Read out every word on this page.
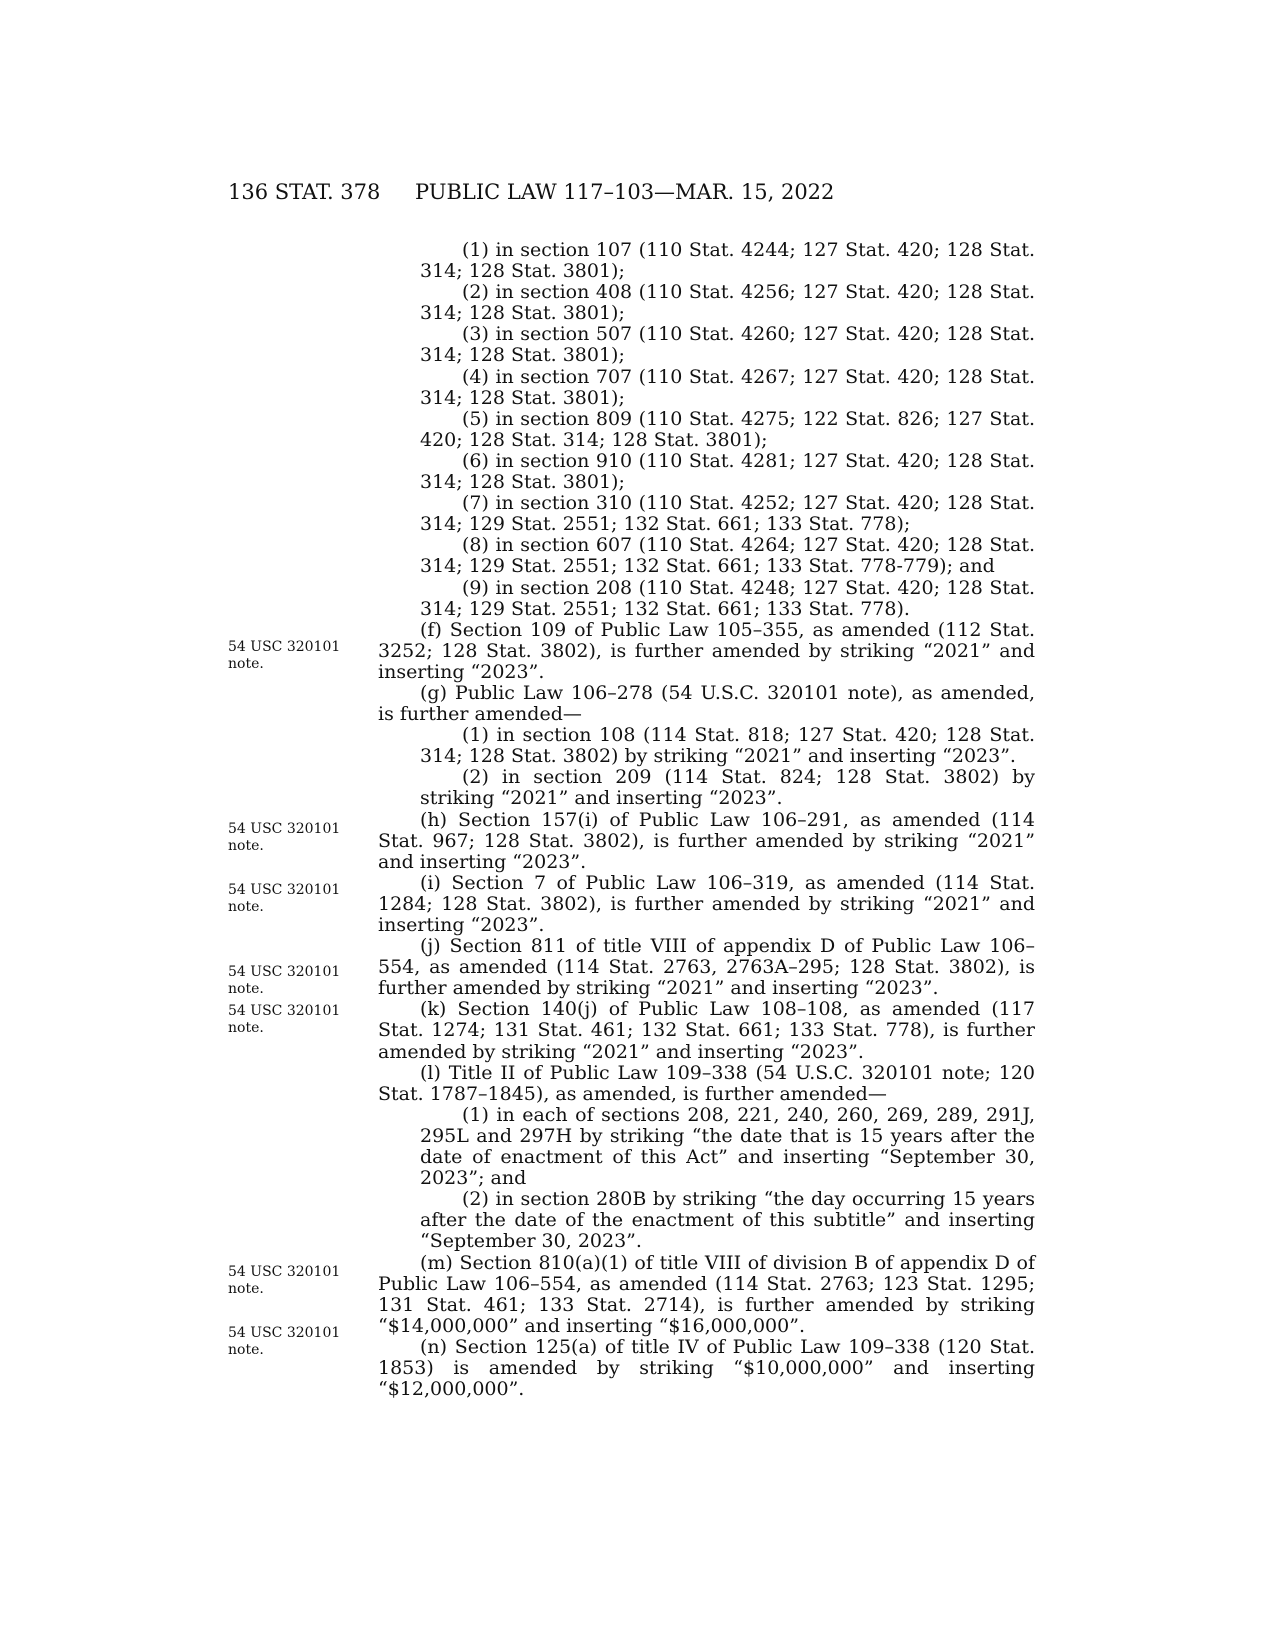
136 STAT. 378 PUBLIC LAW 117–103—MAR. 15, 2022

(1) in section 107 (110 Stat. 4244; 127 Stat. 420; 128 Stat. 314; 128 Stat. 3801);

(2) in section 408 (110 Stat. 4256; 127 Stat. 420; 128 Stat. 314; 128 Stat. 3801);

(3) in section 507 (110 Stat. 4260; 127 Stat. 420; 128 Stat. 314; 128 Stat. 3801);

(4) in section 707 (110 Stat. 4267; 127 Stat. 420; 128 Stat. 314; 128 Stat. 3801);

(5) in section 809 (110 Stat. 4275; 122 Stat. 826; 127 Stat. 420; 128 Stat. 314; 128 Stat. 3801);

(6) in section 910 (110 Stat. 4281; 127 Stat. 420; 128 Stat. 314; 128 Stat. 3801);

(7) in section 310 (110 Stat. 4252; 127 Stat. 420; 128 Stat. 314; 129 Stat. 2551; 132 Stat. 661; 133 Stat. 778);

(8) in section 607 (110 Stat. 4264; 127 Stat. 420; 128 Stat. 314; 129 Stat. 2551; 132 Stat. 661; 133 Stat. 778-779); and

(9) in section 208 (110 Stat. 4248; 127 Stat. 420; 128 Stat. 314; 129 Stat. 2551; 132 Stat. 661; 133 Stat. 778).

(f) Section 109 of Public Law 105–355, as amended (112 Stat. 3252; 128 Stat. 3802), is further amended by striking “2021” and inserting “2023”.

(g) Public Law 106–278 (54 U.S.C. 320101 note), as amended, is further amended—

(1) in section 108 (114 Stat. 818; 127 Stat. 420; 128 Stat. 314; 128 Stat. 3802) by striking “2021” and inserting “2023”.

(2) in section 209 (114 Stat. 824; 128 Stat. 3802) by striking “2021” and inserting “2023”.

(h) Section 157(i) of Public Law 106–291, as amended (114 Stat. 967; 128 Stat. 3802), is further amended by striking “2021” and inserting “2023”.

(i) Section 7 of Public Law 106–319, as amended (114 Stat. 1284; 128 Stat. 3802), is further amended by striking “2021” and inserting “2023”.

(j) Section 811 of title VIII of appendix D of Public Law 106–554, as amended (114 Stat. 2763, 2763A–295; 128 Stat. 3802), is further amended by striking “2021” and inserting “2023”.

(k) Section 140(j) of Public Law 108–108, as amended (117 Stat. 1274; 131 Stat. 461; 132 Stat. 661; 133 Stat. 778), is further amended by striking “2021” and inserting “2023”.

(l) Title II of Public Law 109–338 (54 U.S.C. 320101 note; 120 Stat. 1787–1845), as amended, is further amended—

(1) in each of sections 208, 221, 240, 260, 269, 289, 291J, 295L and 297H by striking “the date that is 15 years after the date of enactment of this Act” and inserting “September 30, 2023”; and

(2) in section 280B by striking “the day occurring 15 years after the date of the enactment of this subtitle” and inserting “September 30, 2023”.

(m) Section 810(a)(1) of title VIII of division B of appendix D of Public Law 106–554, as amended (114 Stat. 2763; 123 Stat. 1295; 131 Stat. 461; 133 Stat. 2714), is further amended by striking “$14,000,000” and inserting “$16,000,000”.

(n) Section 125(a) of title IV of Public Law 109–338 (120 Stat. 1853) is amended by striking “$10,000,000” and inserting “$12,000,000”.

54 USC 320101
note.
54 USC 320101
note.
54 USC 320101
note.
54 USC 320101
note.
54 USC 320101
note.
54 USC 320101
note.
54 USC 320101
note.
